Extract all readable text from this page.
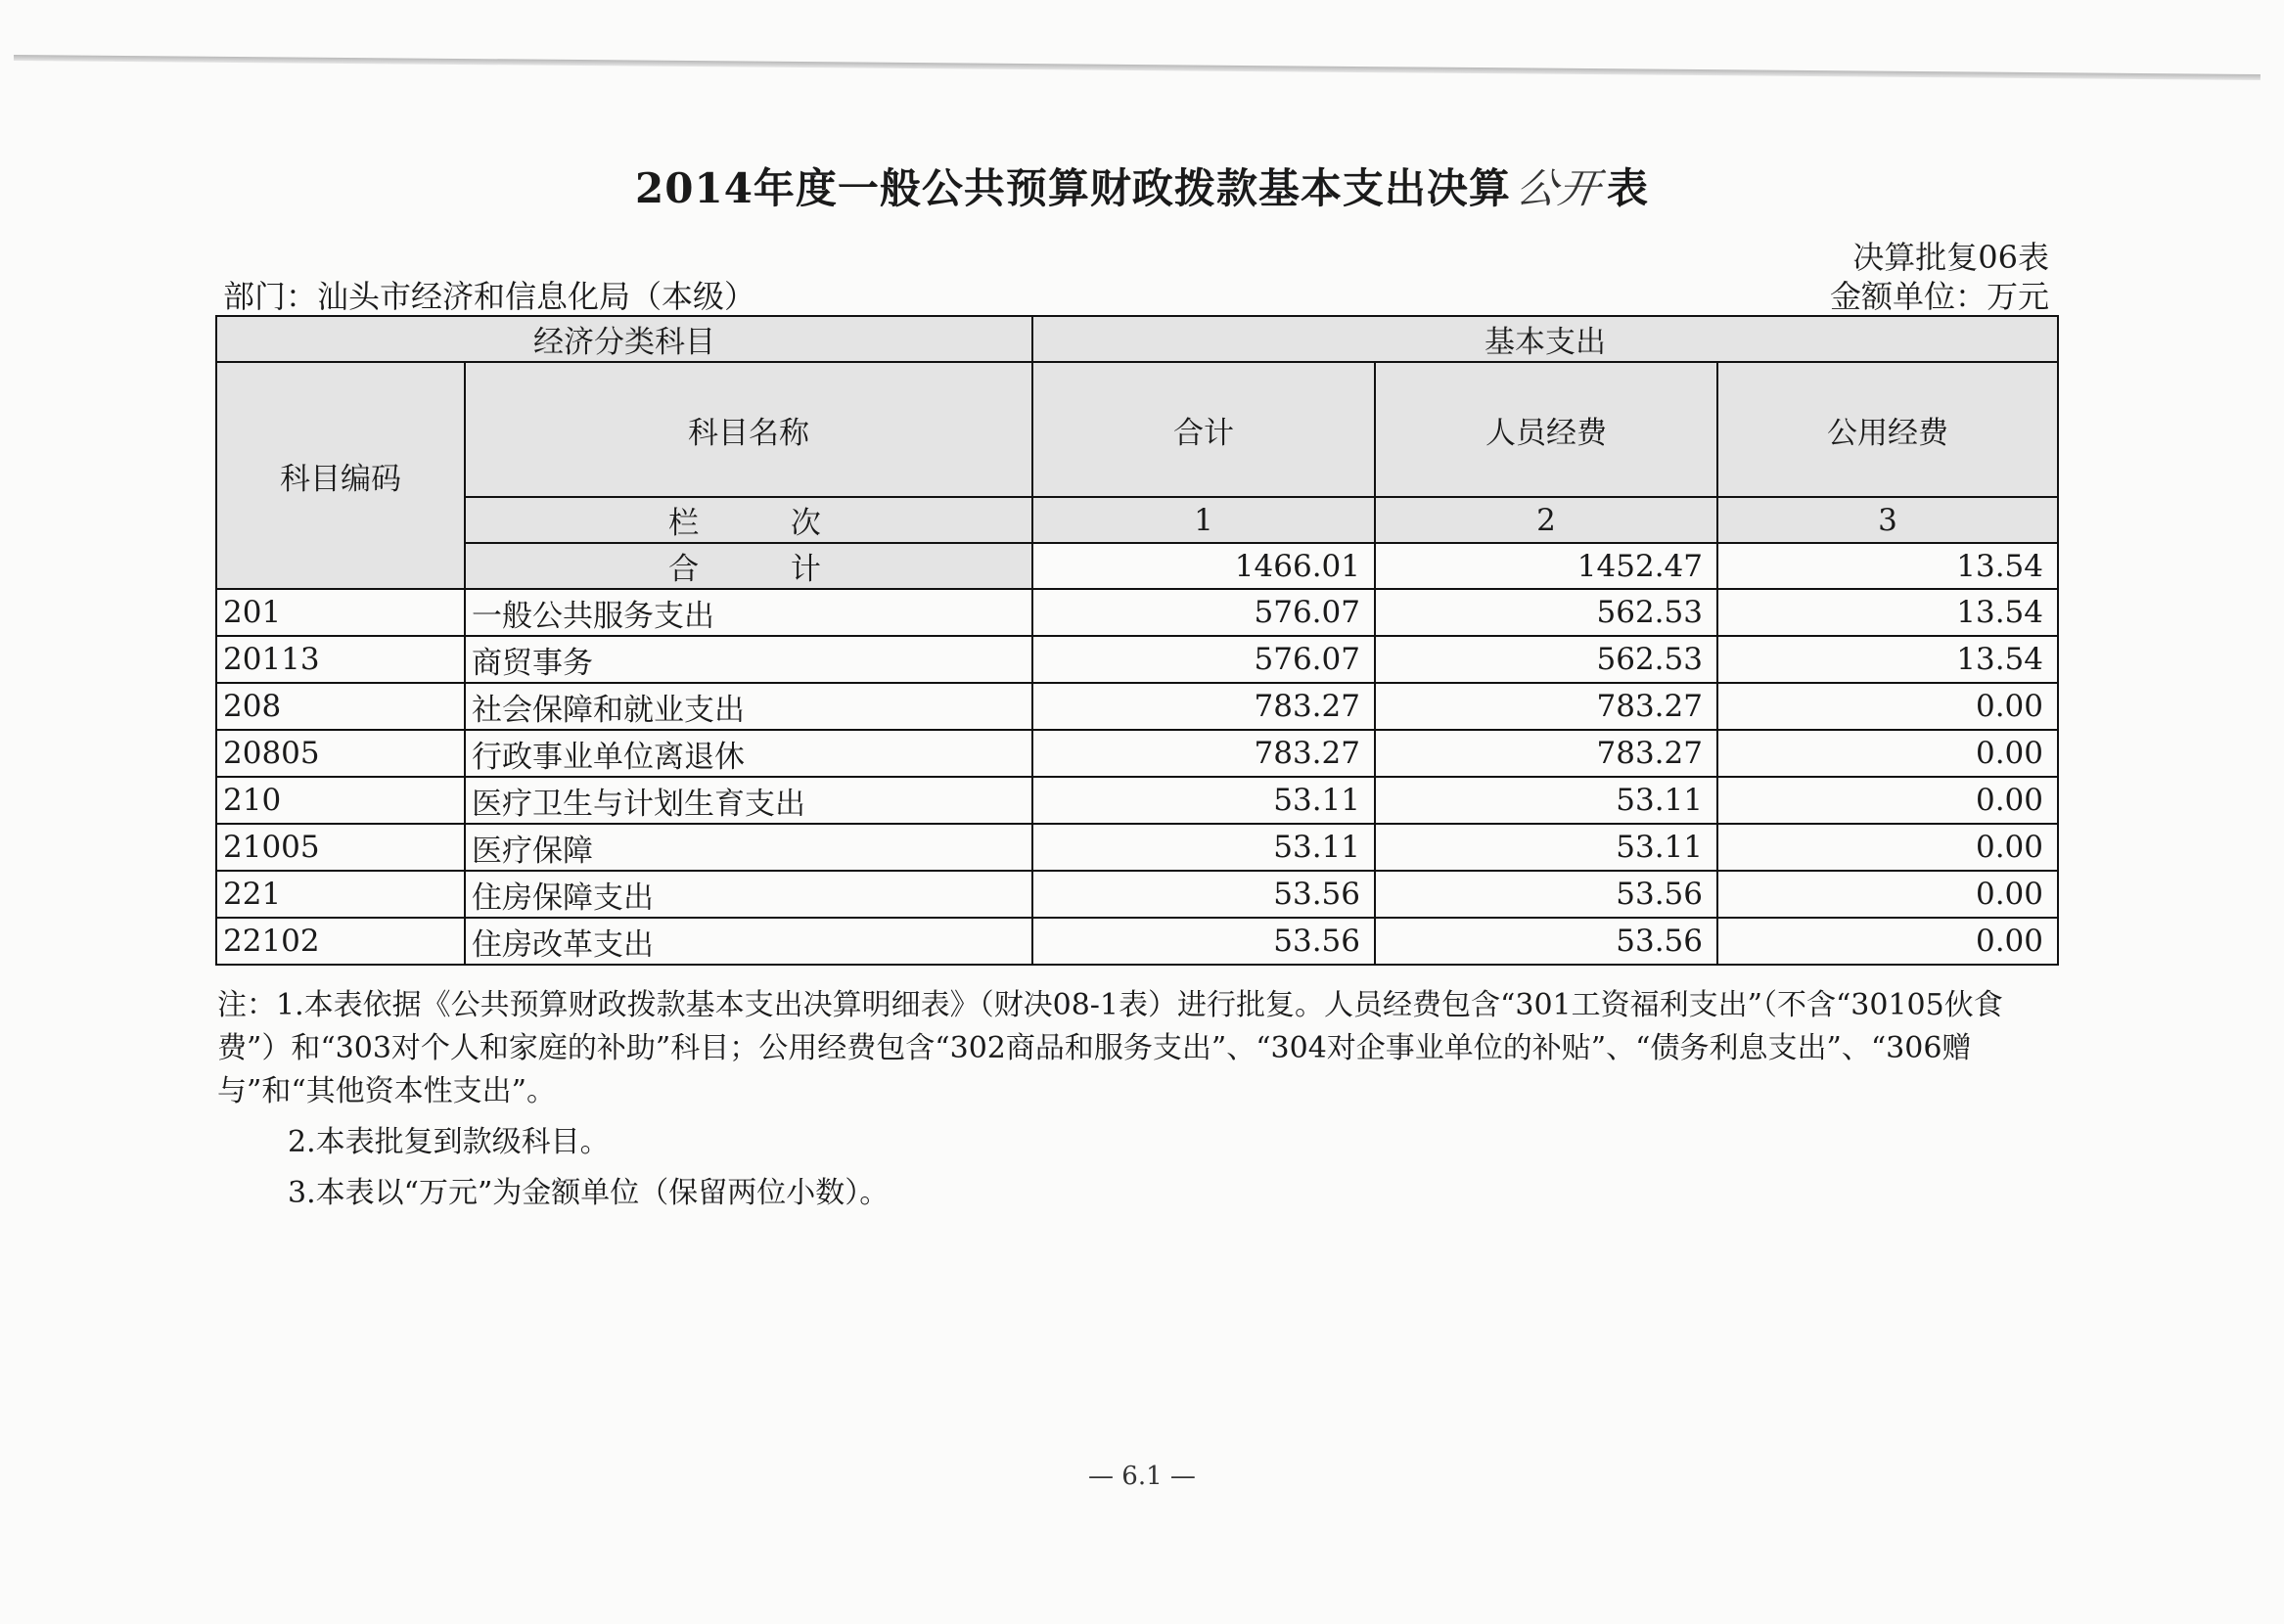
2014年度一般公共预算财政拨款基本支出决算公开表
决算批复06表
部门：汕头市经济和信息化局（本级）	金额单位：万元
经济分类科目		基本支出		
科目编码	科目名称	合计	人员经费	公用经费
	栏 次	1	2	3
	合 计	1466.01	1452.47	13.54
201	一般公共服务支出	576.07	562.53	13.54
20113	商贸事务	576.07	562.53	13.54
208	社会保障和就业支出	783.27	783.27	0.00
20805	行政事业单位离退休	783.27	783.27	0.00
210	医疗卫生与计划生育支出	53.11	53.11	0.00
21005	医疗保障	53.11	53.11	0.00
221	住房保障支出	53.56	53.56	0.00
22102	住房改革支出	53.56	53.56	0.00

注：1.本表依据《公共预算财政拨款基本支出决算明细表》（财决08-1表）进行批复。人员经费包含“301工资福利支出”（不含“30105伙食费”）和“303对个人和家庭的补助”科目；公用经费包含“302商品和服务支出”、“304对企事业单位的补贴”、“债务利息支出”、“306赠与”和“其他资本性支出”。

2.本表批复到款级科目。

3.本表以“万元”为金额单位（保留两位小数）。

— 6.1 —
